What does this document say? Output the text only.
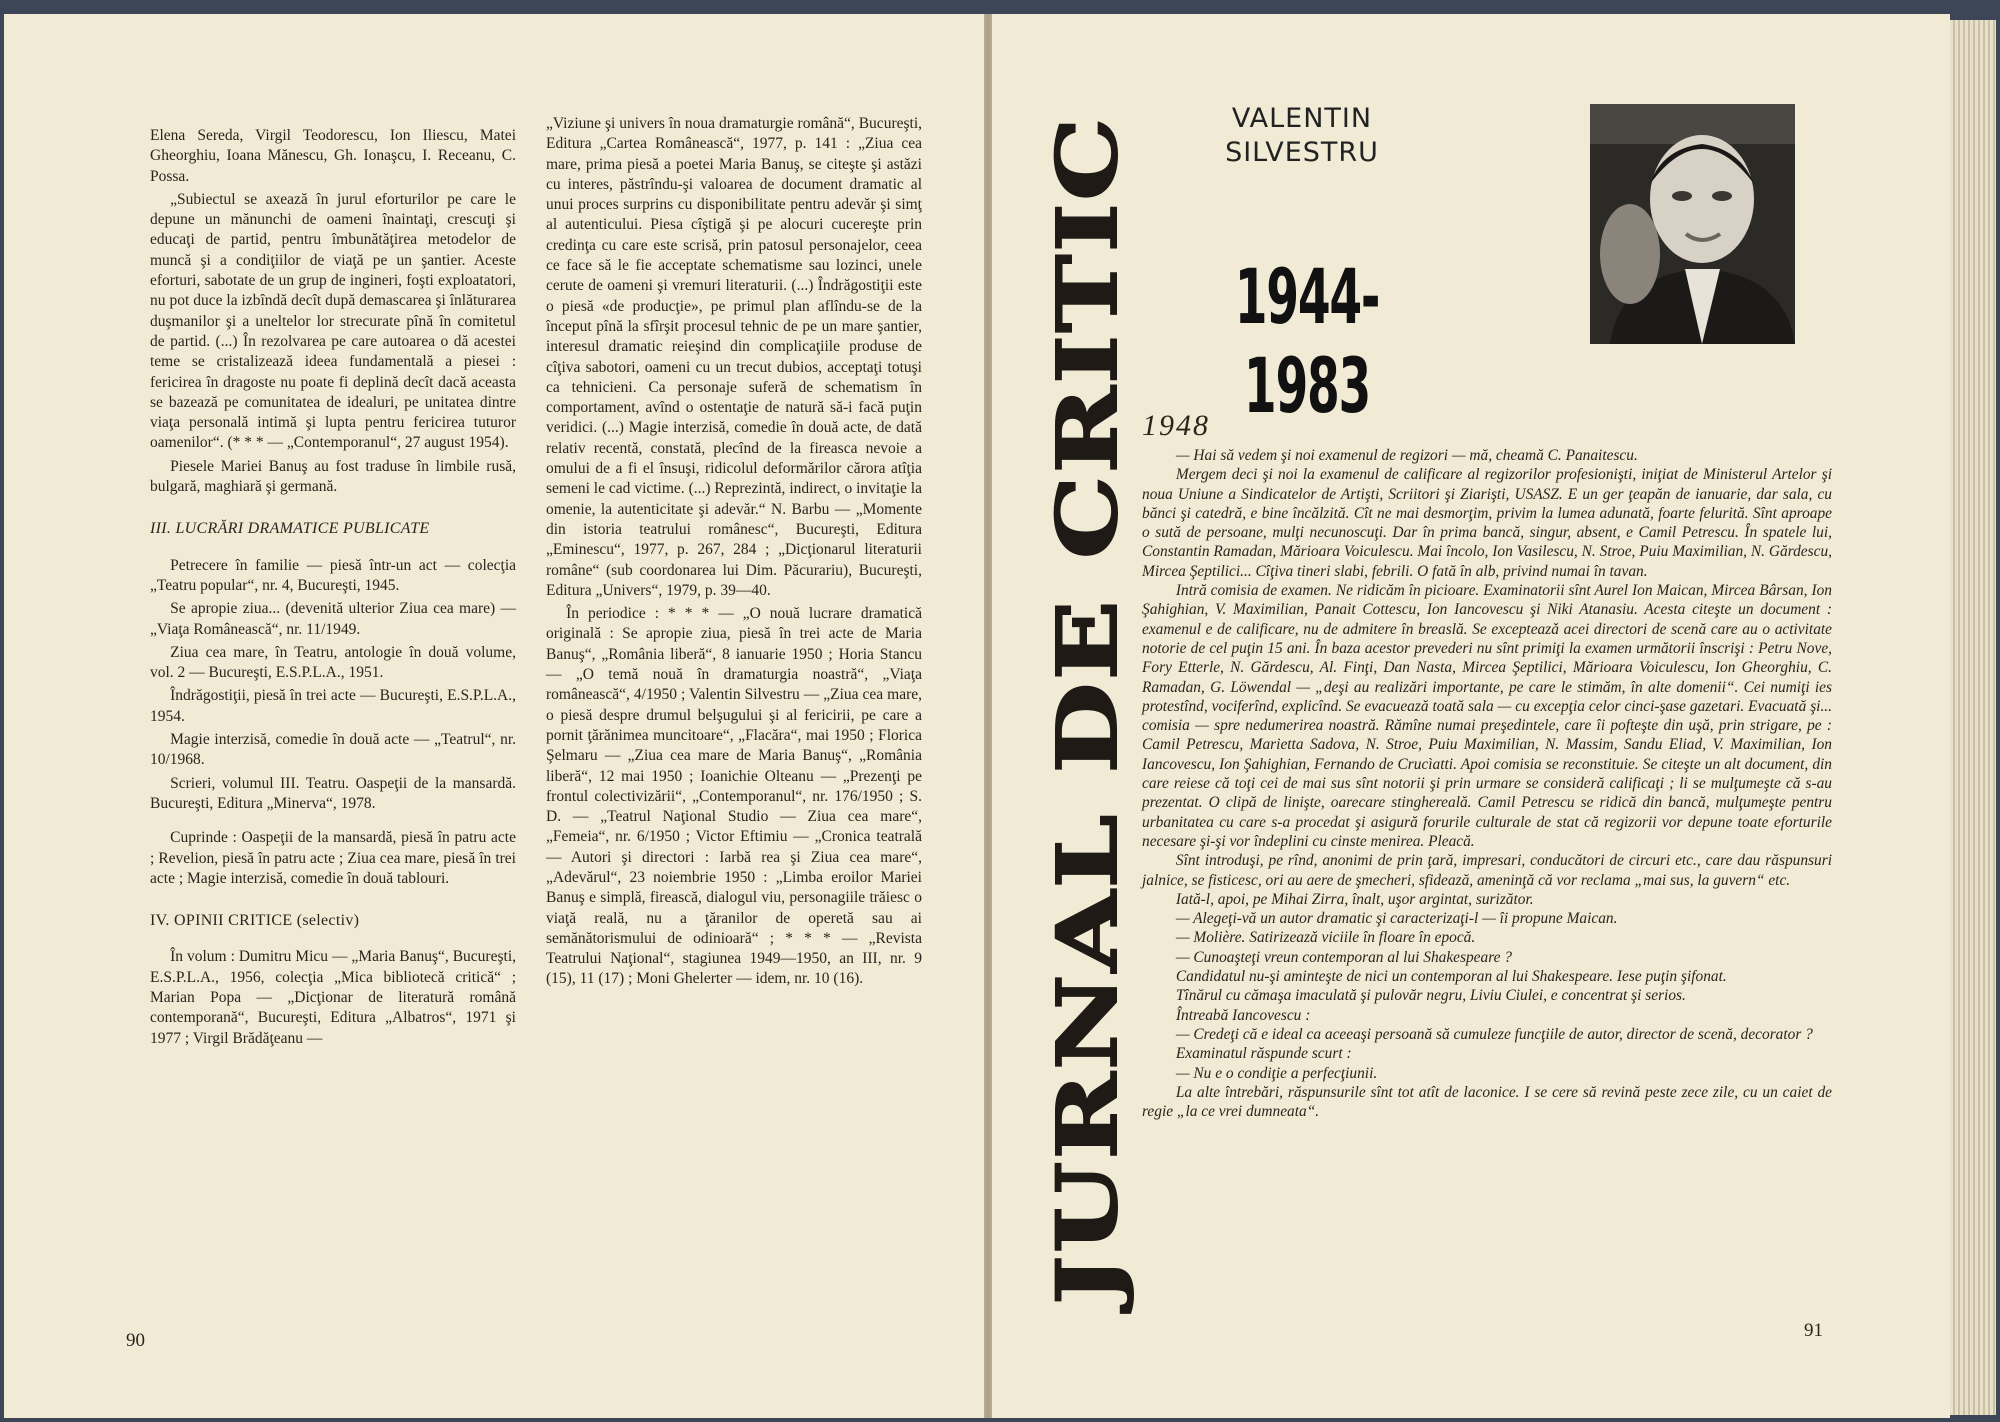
Elena Sereda, Virgil Teodorescu, Ion Iliescu, Matei Gheorghiu, Ioana Mănescu, Gh. Ionaşcu, I. Receanu, C. Possa.

„Subiectul se axează în jurul eforturilor pe care le depune un mănunchi de oameni înaintaţi, crescuţi şi educaţi de partid, pentru îmbunătăţirea metodelor de muncă şi a condiţiilor de viaţă pe un şantier. Aceste eforturi, sabotate de un grup de ingineri, foşti exploatatori, nu pot duce la izbîndă decît după demascarea şi înlăturarea duşmanilor şi a uneltelor lor strecurate pînă în comitetul de partid. (...) În rezolvarea pe care autoarea o dă acestei teme se cristalizează ideea fundamentală a piesei : fericirea în dragoste nu poate fi deplină decît dacă aceasta se bazează pe comunitatea de idealuri, pe unitatea dintre viaţa personală intimă şi lupta pentru fericirea tuturor oamenilor“. (* * * — „Contemporanul“, 27 august 1954).

Piesele Mariei Banuş au fost traduse în limbile rusă, bulgară, maghiară şi germană.

III. LUCRĂRI DRAMATICE PUBLICATE

Petrecere în familie — piesă într-un act — colecţia „Teatru popular“, nr. 4, Bucureşti, 1945.

Se apropie ziua... (devenită ulterior Ziua cea mare) — „Viaţa Românească“, nr. 11/1949.

Ziua cea mare, în Teatru, antologie în două volume, vol. 2 — Bucureşti, E.S.P.L.A., 1951.

Îndrăgostiţii, piesă în trei acte — Bucureşti, E.S.P.L.A., 1954.

Magie interzisă, comedie în două acte — „Teatrul“, nr. 10/1968.

Scrieri, volumul III. Teatru. Oaspeţii de la mansardă. Bucureşti, Editura „Minerva“, 1978.

Cuprinde : Oaspeţii de la mansardă, piesă în patru acte ; Revelion, piesă în patru acte ; Ziua cea mare, piesă în trei acte ; Magie interzisă, comedie în două tablouri.

IV. OPINII CRITICE (selectiv)

În volum : Dumitru Micu — „Maria Banuş“, Bucureşti, E.S.P.L.A., 1956, colecţia „Mica bibliotecă critică“ ; Marian Popa — „Dicţionar de literatură română contemporană“, Bucureşti, Editura „Albatros“, 1971 şi 1977 ; Virgil Brădăţeanu —

„Viziune şi univers în noua dramaturgie română“, Bucureşti, Editura „Cartea Românească“, 1977, p. 141 : „Ziua cea mare, prima piesă a poetei Maria Banuş, se citeşte şi astăzi cu interes, păstrîndu-şi valoarea de document dramatic al unui proces surprins cu disponibilitate pentru adevăr şi simţ al autenticului. Piesa cîştigă şi pe alocuri cucereşte prin credinţa cu care este scrisă, prin patosul personajelor, ceea ce face să le fie acceptate schematisme sau lozinci, unele cerute de oameni şi vremuri literaturii. (...) Îndrăgostiţii este o piesă «de producţie», pe primul plan aflîndu-se de la început pînă la sfîrşit procesul tehnic de pe un mare şantier, interesul dramatic reieşind din complicaţiile produse de cîţiva sabotori, oameni cu un trecut dubios, acceptaţi totuşi ca tehnicieni. Ca personaje suferă de schematism în comportament, avînd o ostentaţie de natură să-i facă puţin veridici. (...) Magie interzisă, comedie în două acte, de dată relativ recentă, constată, plecînd de la fireasca nevoie a omului de a fi el însuşi, ridicolul deformărilor cărora atîţia semeni le cad victime. (...) Reprezintă, indirect, o invitaţie la omenie, la autenticitate şi adevăr.“ N. Barbu — „Momente din istoria teatrului românesc“, Bucureşti, Editura „Eminescu“, 1977, p. 267, 284 ; „Dicţionarul literaturii române“ (sub coordonarea lui Dim. Păcurariu), Bucureşti, Editura „Univers“, 1979, p. 39—40.

În periodice : * * * — „O nouă lucrare dramatică originală : Se apropie ziua, piesă în trei acte de Maria Banuş“, „România liberă“, 8 ianuarie 1950 ; Horia Stancu — „O temă nouă în dramaturgia noastră“, „Viaţa românească“, 4/1950 ; Valentin Silvestru — „Ziua cea mare, o piesă despre drumul belşugului şi al fericirii, pe care a pornit ţărănimea muncitoare“, „Flacăra“, mai 1950 ; Florica Şelmaru — „Ziua cea mare de Maria Banuş“, „România liberă“, 12 mai 1950 ; Ioanichie Olteanu — „Prezenţi pe frontul colectivizării“, „Contemporanul“, nr. 176/1950 ; S. D. — „Teatrul Naţional Studio — Ziua cea mare“, „Femeia“, nr. 6/1950 ; Victor Eftimiu — „Cronica teatrală — Autori şi directori : Iarbă rea şi Ziua cea mare“, „Adevărul“, 23 noiembrie 1950 : „Limba eroilor Mariei Banuş e simplă, firească, dialogul viu, personagiile trăiesc o viaţă reală, nu a ţăranilor de operetă sau ai semănătorismului de odinioară“ ; * * * — „Revista Teatrului Naţional“, stagiunea 1949—1950, an III, nr. 9 (15), 11 (17) ; Moni Ghelerter — idem, nr. 10 (16).

90
JURNAL DE CRITIC
VALENTIN
SILVESTRU
1944-1983
1948

— Hai să vedem şi noi examenul de regizori — mă, cheamă C. Panaitescu.

Mergem deci şi noi la examenul de calificare al regizorilor profesionişti, iniţiat de Ministerul Artelor şi noua Uniune a Sindicatelor de Artişti, Scriitori şi Ziarişti, USASZ. E un ger ţeapăn de ianuarie, dar sala, cu bănci şi catedră, e bine încălzită. Cît ne mai desmorţim, privim la lumea adunată, foarte felurită. Sînt aproape o sută de persoane, mulţi necunoscuţi. Dar în prima bancă, singur, absent, e Camil Petrescu. În spatele lui, Constantin Ramadan, Mărioara Voiculescu. Mai încolo, Ion Vasilescu, N. Stroe, Puiu Maximilian, N. Gărdescu, Mircea Şeptilici... Cîţiva tineri slabi, febrili. O fată în alb, privind numai în tavan.

Intră comisia de examen. Ne ridicăm în picioare. Examinatorii sînt Aurel Ion Maican, Mircea Bârsan, Ion Şahighian, V. Maximilian, Panait Cottescu, Ion Iancovescu şi Niki Atanasiu. Acesta citeşte un document : examenul e de calificare, nu de admitere în breaslă. Se excepteazǎ acei directori de scenă care au o activitate notorie de cel puţin 15 ani. În baza acestor prevederi nu sînt primiţi la examen următorii înscrişi : Petru Nove, Fory Etterle, N. Gărdescu, Al. Finţi, Dan Nasta, Mircea Şeptilici, Mărioara Voiculescu, Ion Gheorghiu, C. Ramadan, G. Löwendal — „deşi au realizări importante, pe care le stimăm, în alte domenii“. Cei numiţi ies protestînd, vociferînd, explicînd. Se evacuează toată sala — cu excepţia celor cinci-şase gazetari. Evacuată şi... comisia — spre nedumerirea noastră. Rămîne numai preşedintele, care îi pofteşte din uşă, prin strigare, pe : Camil Petrescu, Marietta Sadova, N. Stroe, Puiu Maximilian, N. Massim, Sandu Eliad, V. Maximilian, Ion Iancovescu, Ion Şahighian, Fernando de Crucìatti. Apoi comisia se reconstituie. Se citeşte un alt document, din care reiese că toţi cei de mai sus sînt notorii şi prin urmare se consideră calificaţi ; li se mulţumeşte că s-au prezentat. O clipă de linişte, oarecare stinghereală. Camil Petrescu se ridică din bancă, mulţumeşte pentru urbanitatea cu care s-a procedat şi asigură forurile culturale de stat că regizorii vor depune toate eforturile necesare şi-şi vor îndeplini cu cinste menirea. Pleacă.

Sînt introduşi, pe rînd, anonimi de prin ţară, impresari, conducători de circuri etc., care dau răspunsuri jalnice, se fisticesc, ori au aere de şmecheri, sfidează, ameninţă că vor reclama „mai sus, la guvern“ etc.

Iată-l, apoi, pe Mihai Zirra, înalt, uşor argintat, surizător.

— Alegeţi-vă un autor dramatic şi caracterizaţi-l — îi propune Maican.

— Molière. Satirizează viciile în floare în epocă.

— Cunoaşteţi vreun contemporan al lui Shakespeare ?

Candidatul nu-şi aminteşte de nici un contemporan al lui Shakespeare. Iese puţin şifonat.

Tînărul cu cămaşa imaculată şi pulovăr negru, Liviu Ciulei, e concentrat şi serios.

Întreabă Iancovescu :

— Credeţi că e ideal ca aceeaşi persoană să cumuleze funcţiile de autor, director de scenă, decorator ?

Examinatul răspunde scurt :

— Nu e o condiţie a perfecţiunii.

La alte întrebări, răspunsurile sînt tot atît de laconice. I se cere să revină peste zece zile, cu un caiet de regie „la ce vrei dumneata“.

91
